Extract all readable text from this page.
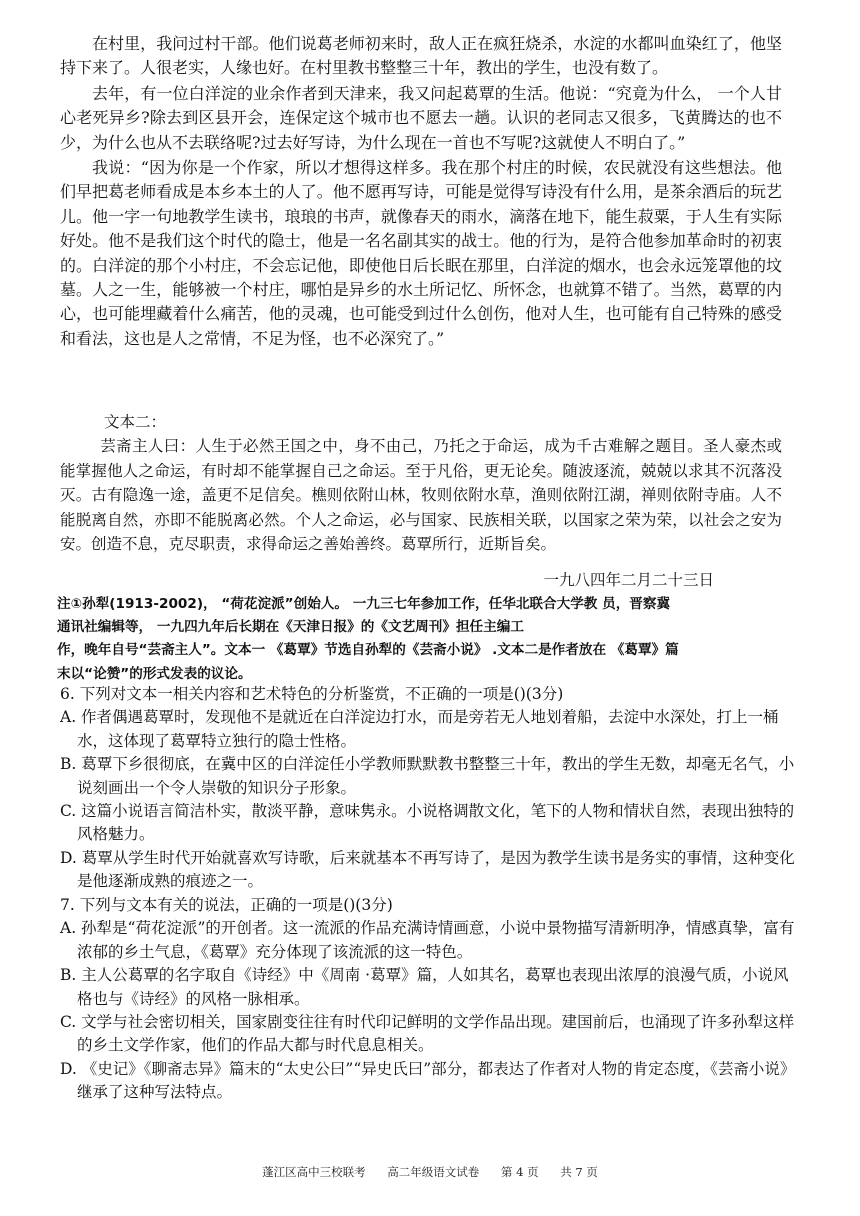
在村里，我问过村干部。他们说葛老师初来时，敌人正在疯狂烧杀，水淀的水都叫血染红了，他坚持下来了。人很老实，人缘也好。在村里教书整整三十年，教出的学生，也没有数了。

去年，有一位白洋淀的业余作者到天津来，我又问起葛覃的生活。他说：“究竟为什么， 一个人甘心老死异乡?除去到区县开会，连保定这个城市也不愿去一趟。认识的老同志又很多，飞黄腾达的也不少，为什么也从不去联络呢?过去好写诗，为什么现在一首也不写呢?这就使人不明白了。”

我说：“因为你是一个作家，所以才想得这样多。我在那个村庄的时候，农民就没有这些想法。他们早把葛老师看成是本乡本土的人了。他不愿再写诗，可能是觉得写诗没有什么用，是茶余酒后的玩艺儿。他一字一句地教学生读书，琅琅的书声，就像春天的雨水，滴落在地下，能生菽粟，于人生有实际好处。他不是我们这个时代的隐士，他是一名名副其实的战士。他的行为，是符合他参加革命时的初衷的。白洋淀的那个小村庄，不会忘记他，即使他日后长眠在那里，白洋淀的烟水，也会永远笼罩他的坟墓。人之一生，能够被一个村庄，哪怕是异乡的水土所记忆、所怀念，也就算不错了。当然，葛覃的内心，也可能埋藏着什么痛苦，他的灵魂，也可能受到过什么创伤，他对人生，也可能有自己特殊的感受和看法，这也是人之常情，不足为怪，也不必深究了。”

文本二：

芸斋主人曰：人生于必然王国之中，身不由己，乃托之于命运，成为千古难解之题目。圣人豪杰或能掌握他人之命运，有时却不能掌握自己之命运。至于凡俗，更无论矣。随波逐流，兢兢以求其不沉落没灭。古有隐逸一途，盖更不足信矣。樵则依附山林，牧则依附水草，渔则依附江湖，禅则依附寺庙。人不能脱离自然，亦即不能脱离必然。个人之命运，必与国家、民族相关联，以国家之荣为荣，以社会之安为安。创造不息，克尽职责，求得命运之善始善终。葛覃所行，近斯旨矣。

一九八四年二月二十三日
注①孙犁(1913-2002)， “荷花淀派”创始人。 一九三七年参加工作，任华北联合大学教 员，晋察冀
通讯社编辑等， 一九四九年后长期在《天津日报》的《文艺周刊》担任主编工
作，晚年自号“芸斋主人”。文本一 《葛覃》节选自孙犁的《芸斋小说》 .文本二是作者放在 《葛覃》篇
末以“论赞”的形式发表的议论。

6. 下列对文本一相关内容和艺术特色的分析鉴赏，不正确的一项是()(3分)

A. 作者偶遇葛覃时，发现他不是就近在白洋淀边打水，而是旁若无人地划着船，去淀中水深处，打上一桶水，这体现了葛覃特立独行的隐士性格。

B. 葛覃下乡很彻底，在冀中区的白洋淀任小学教师默默教书整整三十年，教出的学生无数，却毫无名气，小说刻画出一个令人崇敬的知识分子形象。

C. 这篇小说语言简洁朴实，散淡平静，意味隽永。小说格调散文化，笔下的人物和情状自然，表现出独特的风格魅力。

D. 葛覃从学生时代开始就喜欢写诗歌，后来就基本不再写诗了，是因为教学生读书是务实的事情，这种变化是他逐渐成熟的痕迹之一。

7. 下列与文本有关的说法，正确的一项是()(3分)

A. 孙犁是“荷花淀派”的开创者。这一流派的作品充满诗情画意，小说中景物描写清新明净，情感真挚，富有浓郁的乡土气息，《葛覃》充分体现了该流派的这一特色。

B. 主人公葛覃的名字取自《诗经》中《周南 ·葛覃》篇，人如其名，葛覃也表现出浓厚的浪漫气质，小说风格也与《诗经》的风格一脉相承。

C. 文学与社会密切相关，国家剧变往往有时代印记鲜明的文学作品出现。建国前后，也涌现了许多孙犁这样的乡土文学作家，他们的作品大都与时代息息相关。

D. 《史记》《聊斋志异》篇末的“太史公曰”“异史氏曰”部分，都表达了作者对人物的肯定态度，《芸斋小说》继承了这种写法特点。

蓬江区高中三校联考 高二年级语文试卷 第 4 页 共 7 页
